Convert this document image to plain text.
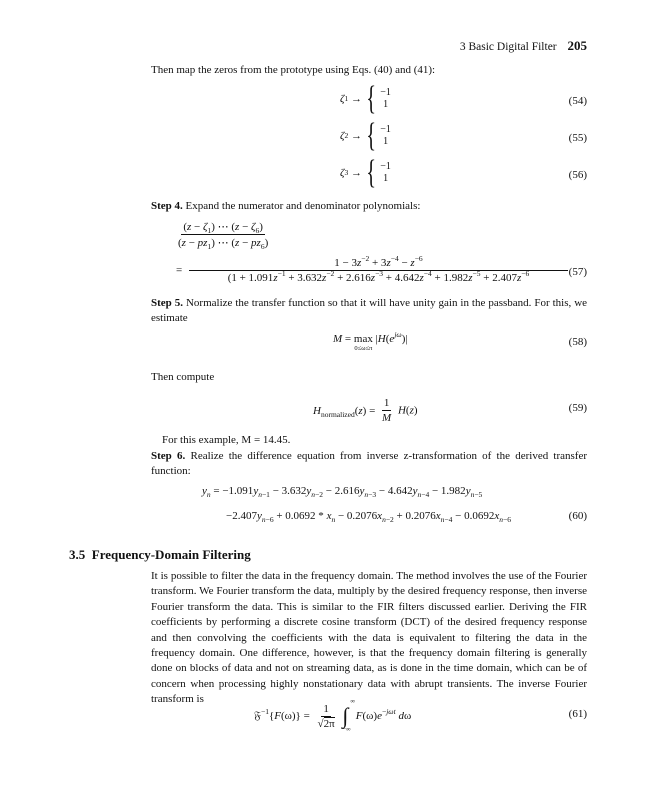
3 Basic Digital Filter 205
Then map the zeros from the prototype using Eqs. (40) and (41):
ζ 1 → { −1
1	(54)
ζ 2 → { −1
1	(55)
ζ 3 → { −1
1	(56)
Step 4. Expand the numerator and denominator polynomials:
$\frac{(z - \zeta_1) \cdots (z - \zeta_6)}{(z - pz_1) \cdots (z - pz_6)}$
=
$1 - 3z^{-2} + 3z^{-4} - z^{-6}$
($1 + 1.091z^{-1} + 3.632z^{-2} + 2.616z^{-3} + 4.642z^{-4} + 1.982z^{-5} + 2.407z^{-6}$	(57)
Step 5. Normalize the transfer function so that it will have unity gain in the passband. For this, we estimate
M = max
0≤ω≤π
$|H(e^{j\omega})|$	(58)
Then compute
$H_{normalized}(z) = \frac{1}{M} H(z)$	(59)
For this example, M = 14.45.
Step 6. Realize the difference equation from inverse z-transformation of the derived transfer function:
$y_n = -1.091y_{n-1} - 3.632y_{n-2} - 2.616y_{n-3} - 4.642y_{n-4} - 1.982y_{n-5}$
$-2.407y_{n-6} + 0.0692 * x_n - 0.2076x_{n-2} + 0.2076x_{n-4} - 0.0692x_{n-6}$	(60)
3.5 Frequency-Domain Filtering
It is possible to filter the data in the frequency domain. The method involves the use of the Fourier transform. We Fourier transform the data, multiply by the desired frequency response, then inverse Fourier transform the data. This is similar to the FIR filters discussed earlier. Deriving the FIR coefficients by performing a discrete cosine transform (DCT) of the desired frequency response and then convolving the coefficients with the data is equivalent to filtering the data in the frequency domain. One difference, however, is that the frequency domain filtering is generally done on blocks of data and not on streaming data, as is done in the time domain, which can be of concern when processing highly nonstationary data with abrupt transients. The inverse Fourier transform is
𝔉$^{-1}${F(ω)} = $\frac{1}{√2\pi}$

∞
∫
−∞
$F(\omega)e^{-j\omega t}$ dω	(61)
